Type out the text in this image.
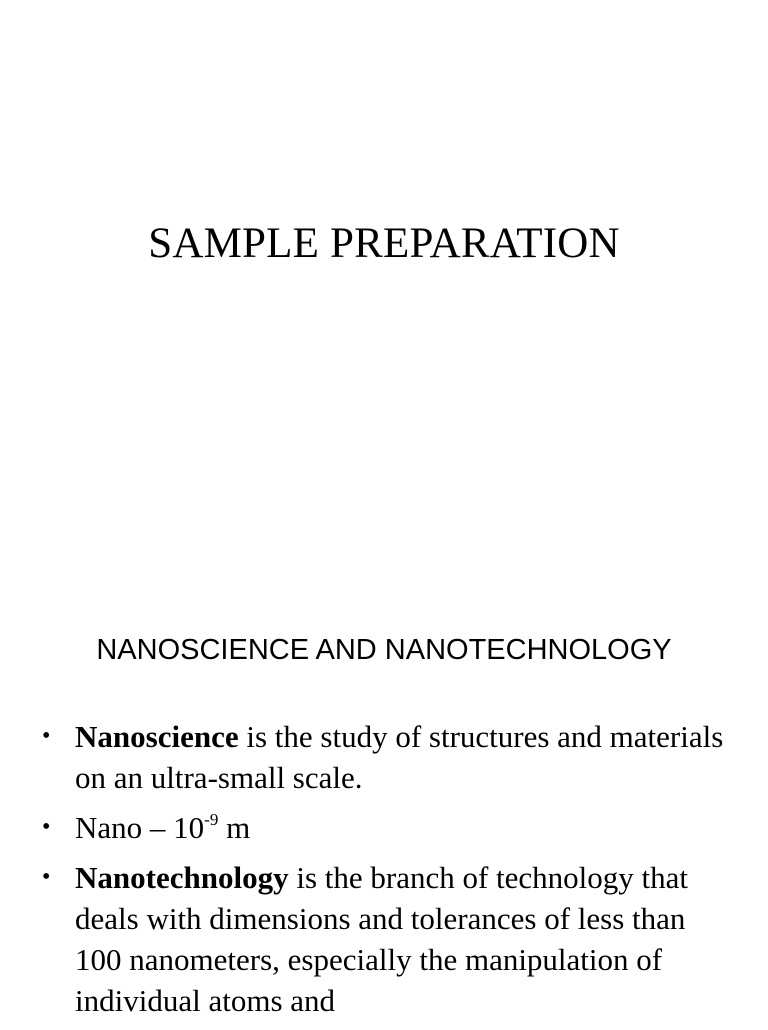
SAMPLE PREPARATION
NANOSCIENCE AND NANOTECHNOLOGY
• Nanoscience is the study of structures and materials on an ultra-small scale.
• Nano – $10^{-9}$ m
• Nanotechnology is the branch of technology that deals with dimensions and tolerances of less than 100 nanometers, especially the manipulation of individual atoms and
